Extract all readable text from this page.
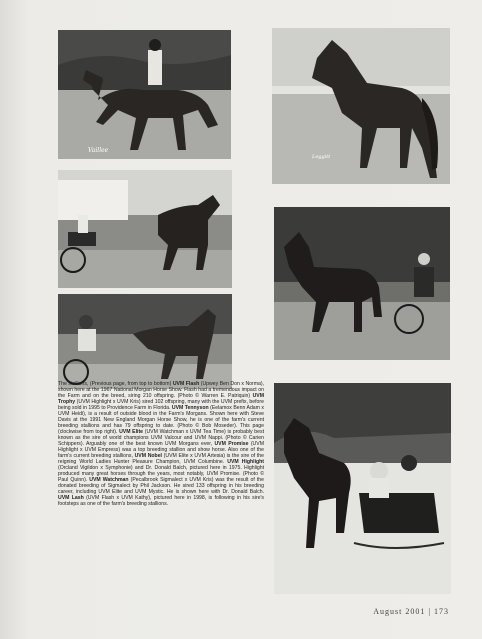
Vaillee
Leggitt

The stallions, (Previous page, from top to bottom) UVM Flash (Upwey Ben Don x Norma), shown here at the 1967 National Morgan Horse Show. Flash had a tremendous impact on the Farm and on the breed, siring 210 offspring. (Photo © Warren E. Patriquin) UVM Trophy (UVM Highlight x UVM Kris) sired 102 offspring, many with the UVM prefix, before being sold in 1995 to Providence Farm in Florida. UVM Tennyson (Eelamox Benn Adam x UVM Heidi), is a result of outside blood in the Farm's Morgans. Shown here with Steve Davis at the 1991 New England Morgan Horse Show, he is one of the farm's current breeding stallions and has 79 offspring to date. (Photo © Bob Moseder). This page (clockwise from top right). UVM Elite (UVM Watchman x UVM Tea Time) is probably best known as the sire of world champions UVM Valcour and UVM Nappi. (Photo © Carien Schippers). Arguably one of the best known UVM Morgans ever, UVM Promise (UVM Highlight x UVM Empress) was a top breeding stallion and show horse. Also one of the farm's current breeding stallions, UVM Nobel (UVM Elite x UVM Artesia) is the sire of the reigning World Ladies Hunter Pleasure Champion, UVM Columbine. UVM Highlight (Orcland Vigildon x Symphonie) and Dr. Donald Balch, pictured here in 1975. Highlight produced many great horses through the years, most notably, UVM Promise. (Photo © Paul Quinn). UVM Watchman (Pecalbrook Sigmalect x UVM Kris) was the result of the donated breeding of Sigmalect by Phil Jackson. He sired 133 offspring in his breeding career, including UVM Elite and UVM Mystic. He is shown here with Dr. Donald Balch. UVM Lash (UVM Flash x UVM Kathy), pictured here in 1998, is following in his sire's footsteps as one of the farm's breeding stallions.

August 2001 | 173
